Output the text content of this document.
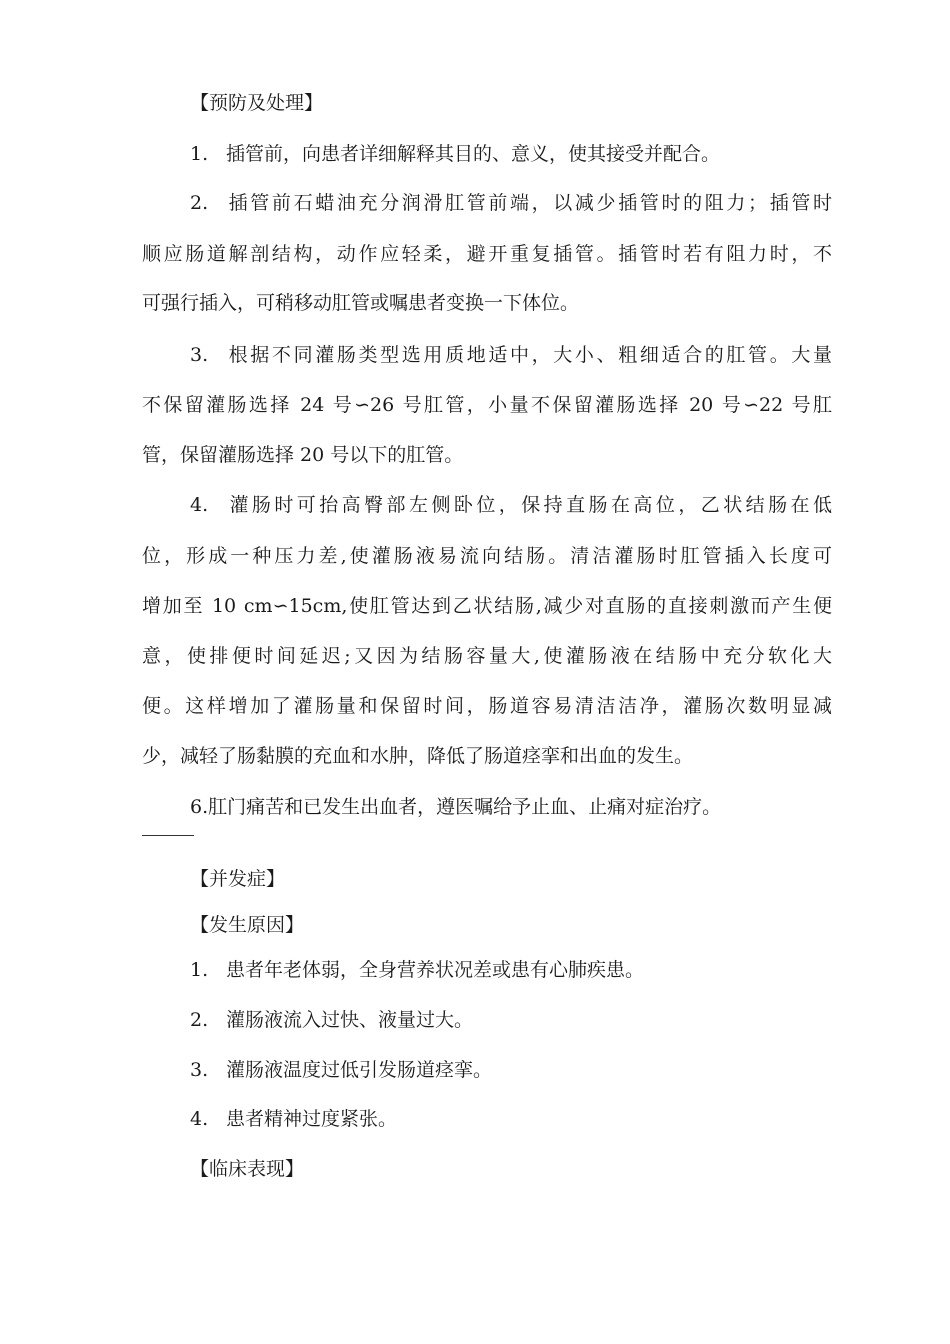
【预防及处理】
1. 插管前，向患者详细解释其目的、意义，使其接受并配合。
2. 插管前石蜡油充分润滑肛管前端，以减少插管时的阻力；插管时
顺应肠道解剖结构，动作应轻柔，避开重复插管。插管时若有阻力时，不
可强行插入，可稍移动肛管或嘱患者变换一下体位。
3. 根据不同灌肠类型选用质地适中，大小、粗细适合的肛管。大量
不保留灌肠选择 24 号∽26 号肛管，小量不保留灌肠选择 20 号∽22 号肛
管，保留灌肠选择 20 号以下的肛管。
4. 灌肠时可抬高臀部左侧卧位，保持直肠在高位，乙状结肠在低
位，形成一种压力差,使灌肠液易流向结肠。清洁灌肠时肛管插入长度可
增加至 10 cm∽15cm,使肛管达到乙状结肠,减少对直肠的直接刺激而产生便
意，使排便时间延迟;又因为结肠容量大,使灌肠液在结肠中充分软化大
便。这样增加了灌肠量和保留时间，肠道容易清洁洁净，灌肠次数明显减
少，减轻了肠黏膜的充血和水肿，降低了肠道痉挛和出血的发生。
6.肛门痛苦和已发生出血者，遵医嘱给予止血、止痛对症治疗。
【并发症】
【发生原因】
1. 患者年老体弱，全身营养状况差或患有心肺疾患。
2. 灌肠液流入过快、液量过大。
3. 灌肠液温度过低引发肠道痉挛。
4. 患者精神过度紧张。
【临床表现】
